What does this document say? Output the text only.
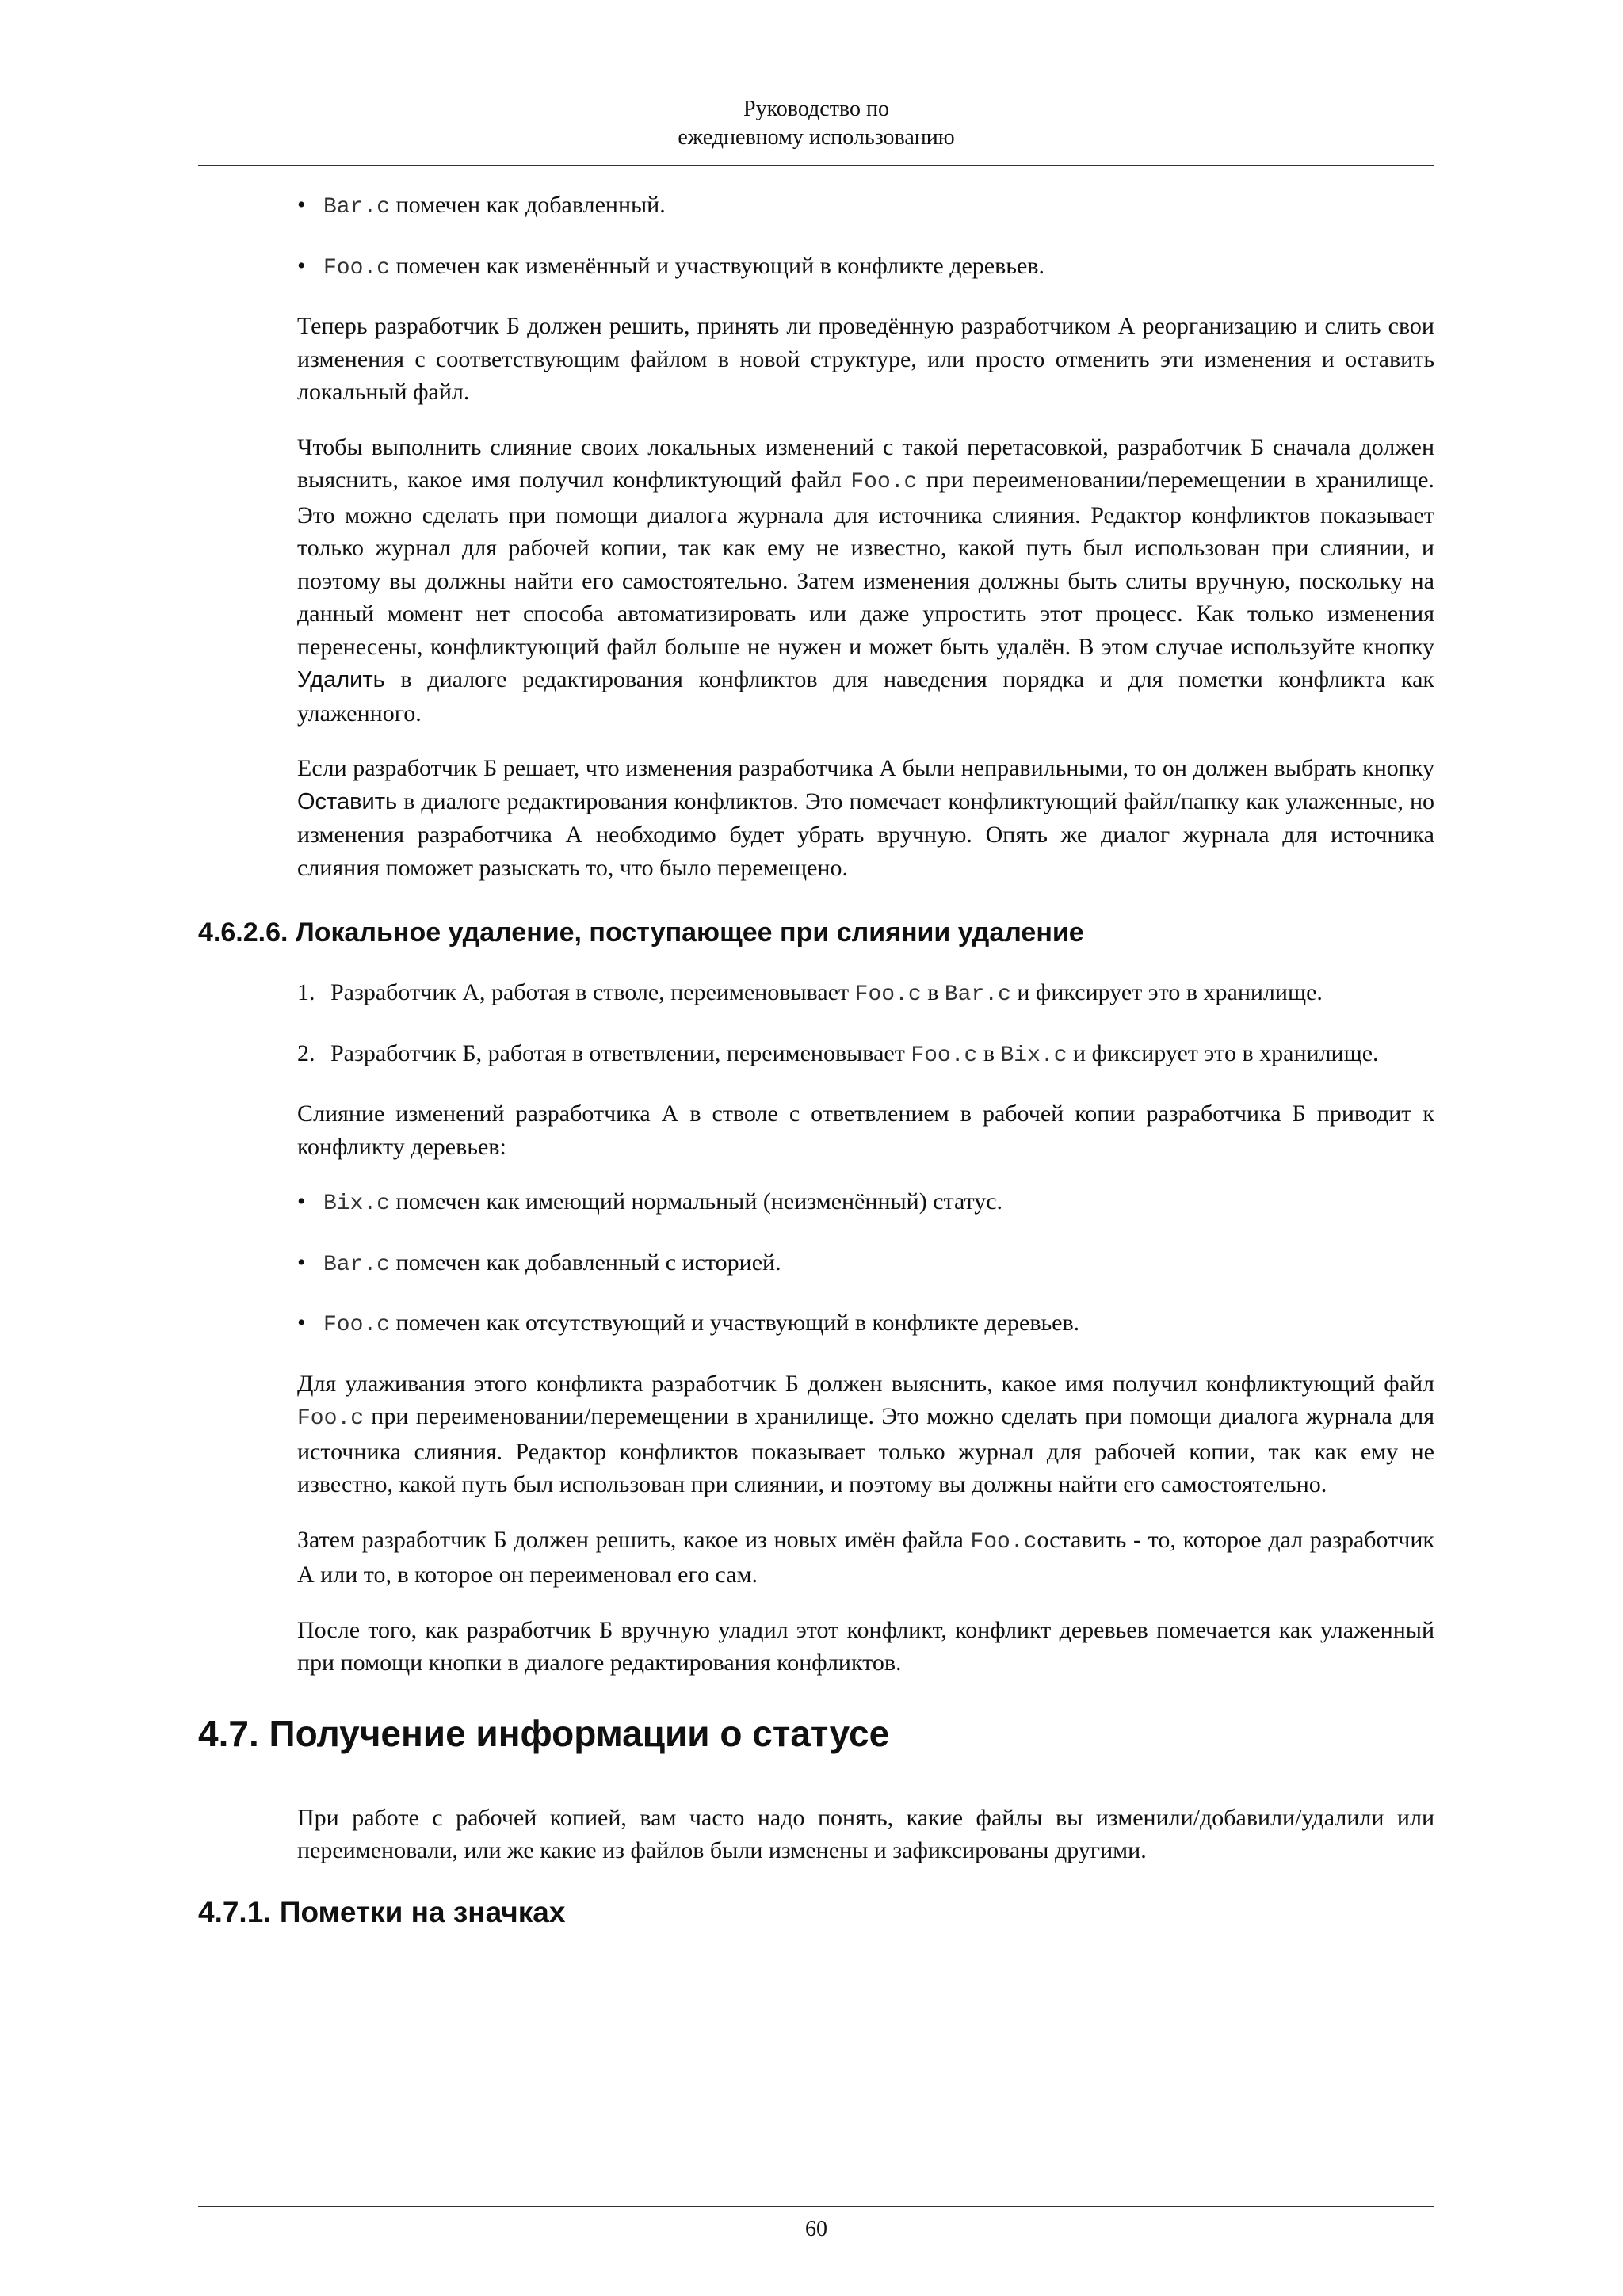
Руководство по
ежедневному использованию
• Bar.c помечен как добавленный.
• Foo.c помечен как изменённый и участвующий в конфликте деревьев.

Теперь разработчик Б должен решить, принять ли проведённую разработчиком А реорганизацию и слить свои изменения с соответствующим файлом в новой структуре, или просто отменить эти изменения и оставить локальный файл.

Чтобы выполнить слияние своих локальных изменений с такой перетасовкой, разработчик Б сначала должен выяснить, какое имя получил конфликтующий файл Foo.c при переименовании/перемещении в хранилище. Это можно сделать при помощи диалога журнала для источника слияния. Редактор конфликтов показывает только журнал для рабочей копии, так как ему не известно, какой путь был использован при слиянии, и поэтому вы должны найти его самостоятельно. Затем изменения должны быть слиты вручную, поскольку на данный момент нет способа автоматизировать или даже упростить этот процесс. Как только изменения перенесены, конфликтующий файл больше не нужен и может быть удалён. В этом случае используйте кнопку Удалить в диалоге редактирования конфликтов для наведения порядка и для пометки конфликта как улаженного.

Если разработчик Б решает, что изменения разработчика А были неправильными, то он должен выбрать кнопку Оставить в диалоге редактирования конфликтов. Это помечает конфликтующий файл/папку как улаженные, но изменения разработчика А необходимо будет убрать вручную. Опять же диалог журнала для источника слияния поможет разыскать то, что было перемещено.

4.6.2.6. Локальное удаление, поступающее при слиянии удаление
1. Разработчик А, работая в стволе, переименовывает Foo.c в Bar.c и фиксирует это в хранилище.
2. Разработчик Б, работая в ответвлении, переименовывает Foo.c в Bix.c и фиксирует это в хранилище.

Слияние изменений разработчика А в стволе с ответвлением в рабочей копии разработчика Б приводит к конфликту деревьев:

• Bix.c помечен как имеющий нормальный (неизменённый) статус.
• Bar.c помечен как добавленный с историей.
• Foo.c помечен как отсутствующий и участвующий в конфликте деревьев.

Для улаживания этого конфликта разработчик Б должен выяснить, какое имя получил конфликтующий файл Foo.c при переименовании/перемещении в хранилище. Это можно сделать при помощи диалога журнала для источника слияния. Редактор конфликтов показывает только журнал для рабочей копии, так как ему не известно, какой путь был использован при слиянии, и поэтому вы должны найти его самостоятельно.

Затем разработчик Б должен решить, какое из новых имён файла Foo.cоставить - то, которое дал разработчик А или то, в которое он переименовал его сам.

После того, как разработчик Б вручную уладил этот конфликт, конфликт деревьев помечается как улаженный при помощи кнопки в диалоге редактирования конфликтов.

4.7. Получение информации о статусе

При работе с рабочей копией, вам часто надо понять, какие файлы вы изменили/добавили/удалили или переименовали, или же какие из файлов были изменены и зафиксированы другими.

4.7.1. Пометки на значках
60
